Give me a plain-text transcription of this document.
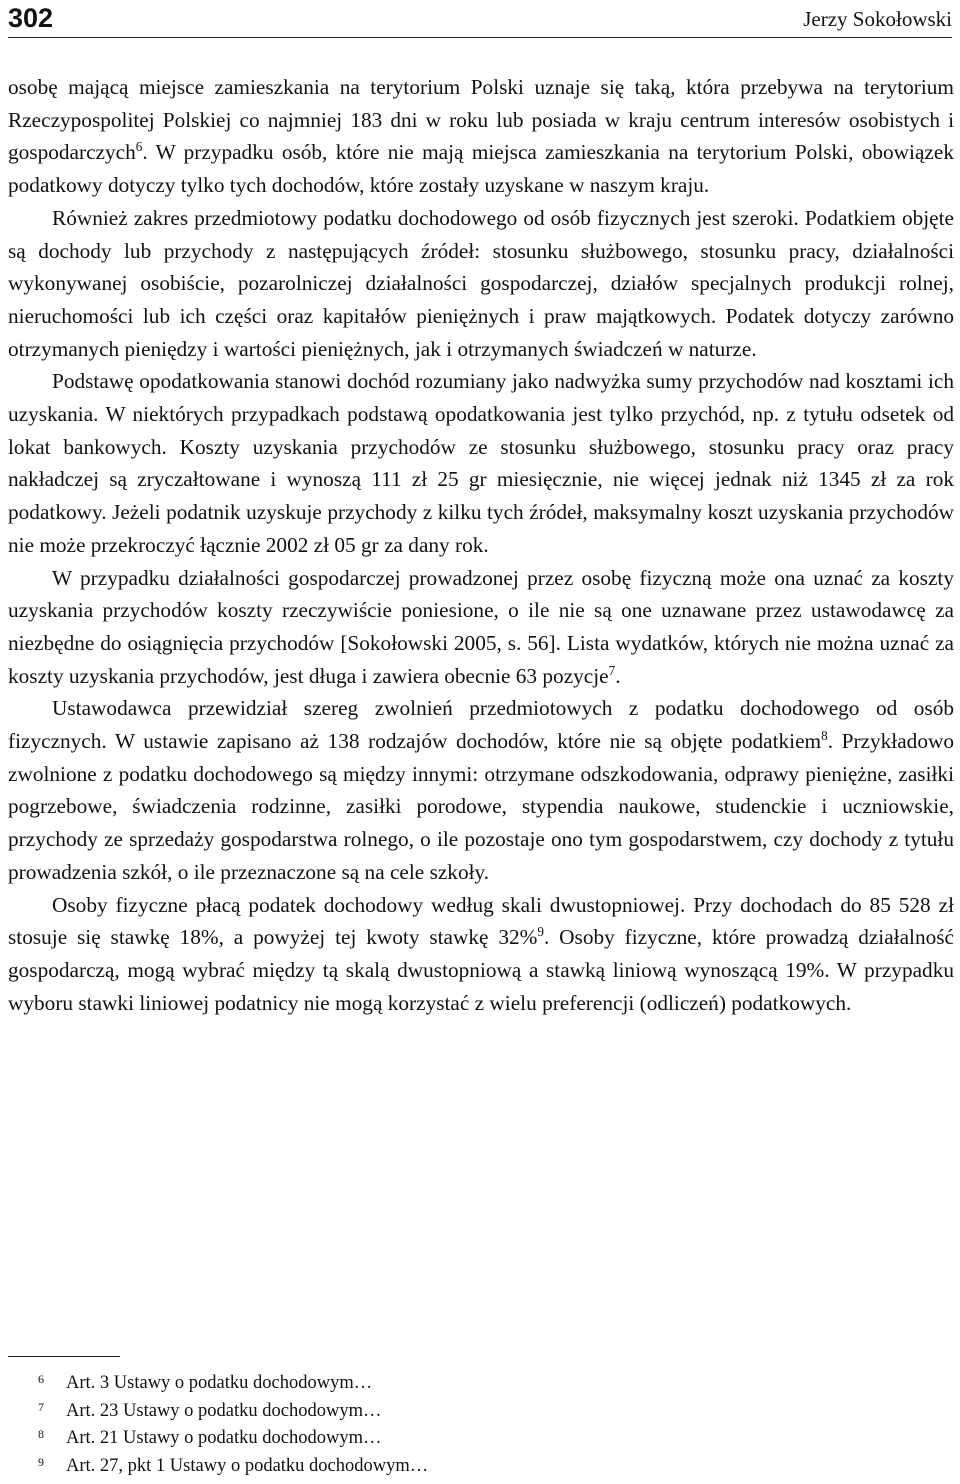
302	Jerzy Sokołowski

osobę mającą miejsce zamieszkania na terytorium Polski uznaje się taką, która przebywa na terytorium Rzeczypospolitej Polskiej co najmniej 183 dni w roku lub posiada w kraju centrum interesów osobistych i gospodarczych$^6$. W przypadku osób, które nie mają miejsca zamieszkania na terytorium Polski, obowiązek podatkowy dotyczy tylko tych dochodów, które zostały uzyskane w naszym kraju.

Również zakres przedmiotowy podatku dochodowego od osób fizycznych jest szeroki. Podatkiem objęte są dochody lub przychody z następujących źródeł: stosunku służbowego, stosunku pracy, działalności wykonywanej osobiście, pozarolniczej działalności gospodarczej, działów specjalnych produkcji rolnej, nieruchomości lub ich części oraz kapitałów pieniężnych i praw majątkowych. Podatek dotyczy zarówno otrzymanych pieniędzy i wartości pieniężnych, jak i otrzymanych świadczeń w naturze.

Podstawę opodatkowania stanowi dochód rozumiany jako nadwyżka sumy przychodów nad kosztami ich uzyskania. W niektórych przypadkach podstawą opodatkowania jest tylko przychód, np. z tytułu odsetek od lokat bankowych. Koszty uzyskania przychodów ze stosunku służbowego, stosunku pracy oraz pracy nakładczej są zryczałtowane i wynoszą 111 zł 25 gr miesięcznie, nie więcej jednak niż 1345 zł za rok podatkowy. Jeżeli podatnik uzyskuje przychody z kilku tych źródeł, maksymalny koszt uzyskania przychodów nie może przekroczyć łącznie 2002 zł 05 gr za dany rok.

W przypadku działalności gospodarczej prowadzonej przez osobę fizyczną może ona uznać za koszty uzyskania przychodów koszty rzeczywiście poniesione, o ile nie są one uznawane przez ustawodawcę za niezbędne do osiągnięcia przychodów [Sokołowski 2005, s. 56]. Lista wydatków, których nie można uznać za koszty uzyskania przychodów, jest długa i zawiera obecnie 63 pozycje$^7$.

Ustawodawca przewidział szereg zwolnień przedmiotowych z podatku dochodowego od osób fizycznych. W ustawie zapisano aż 138 rodzajów dochodów, które nie są objęte podatkiem$^8$. Przykładowo zwolnione z podatku dochodowego są między innymi: otrzymane odszkodowania, odprawy pieniężne, zasiłki pogrzebowe, świadczenia rodzinne, zasiłki porodowe, stypendia naukowe, studenckie i uczniowskie, przychody ze sprzedaży gospodarstwa rolnego, o ile pozostaje ono tym gospodarstwem, czy dochody z tytułu prowadzenia szkół, o ile przeznaczone są na cele szkoły.

Osoby fizyczne płacą podatek dochodowy według skali dwustopniowej. Przy dochodach do 85 528 zł stosuje się stawkę 18%, a powyżej tej kwoty stawkę 32%$^9$. Osoby fizyczne, które prowadzą działalność gospodarczą, mogą wybrać między tą skalą dwustopniową a stawką liniową wynoszącą 19%. W przypadku wyboru stawki liniowej podatnicy nie mogą korzystać z wielu preferencji (odliczeń) podatkowych.

6 Art. 3 Ustawy o podatku dochodowym…
7 Art. 23 Ustawy o podatku dochodowym…
8 Art. 21 Ustawy o podatku dochodowym…
9 Art. 27, pkt 1 Ustawy o podatku dochodowym…
